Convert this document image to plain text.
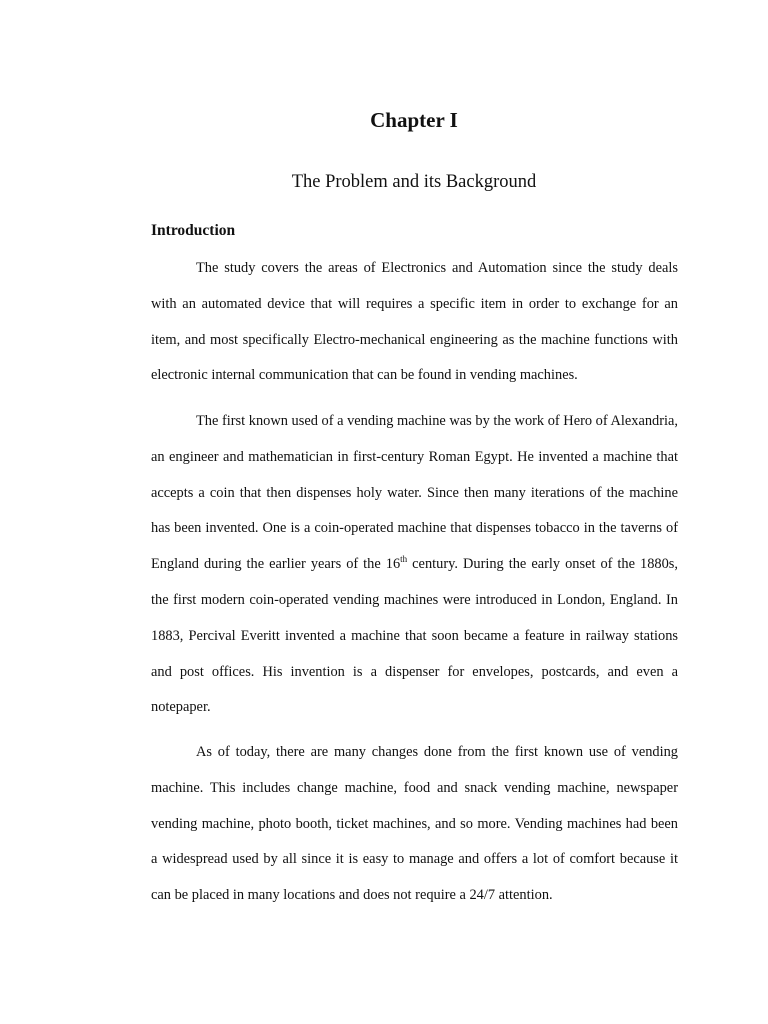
Chapter I
The Problem and its Background
Introduction

The study covers the areas of Electronics and Automation since the study deals with an automated device that will requires a specific item in order to exchange for an item, and most specifically Electro-mechanical engineering as the machine functions with electronic internal communication that can be found in vending machines.

The first known used of a vending machine was by the work of Hero of Alexandria, an engineer and mathematician in first-century Roman Egypt. He invented a machine that accepts a coin that then dispenses holy water. Since then many iterations of the machine has been invented. One is a coin-operated machine that dispenses tobacco in the taverns of England during the earlier years of the 16th century. During the early onset of the 1880s, the first modern coin-operated vending machines were introduced in London, England. In 1883, Percival Everitt invented a machine that soon became a feature in railway stations and post offices. His invention is a dispenser for envelopes, postcards, and even a notepaper.

As of today, there are many changes done from the first known use of vending machine. This includes change machine, food and snack vending machine, newspaper vending machine, photo booth, ticket machines, and so more. Vending machines had been a widespread used by all since it is easy to manage and offers a lot of comfort because it can be placed in many locations and does not require a 24/7 attention.
